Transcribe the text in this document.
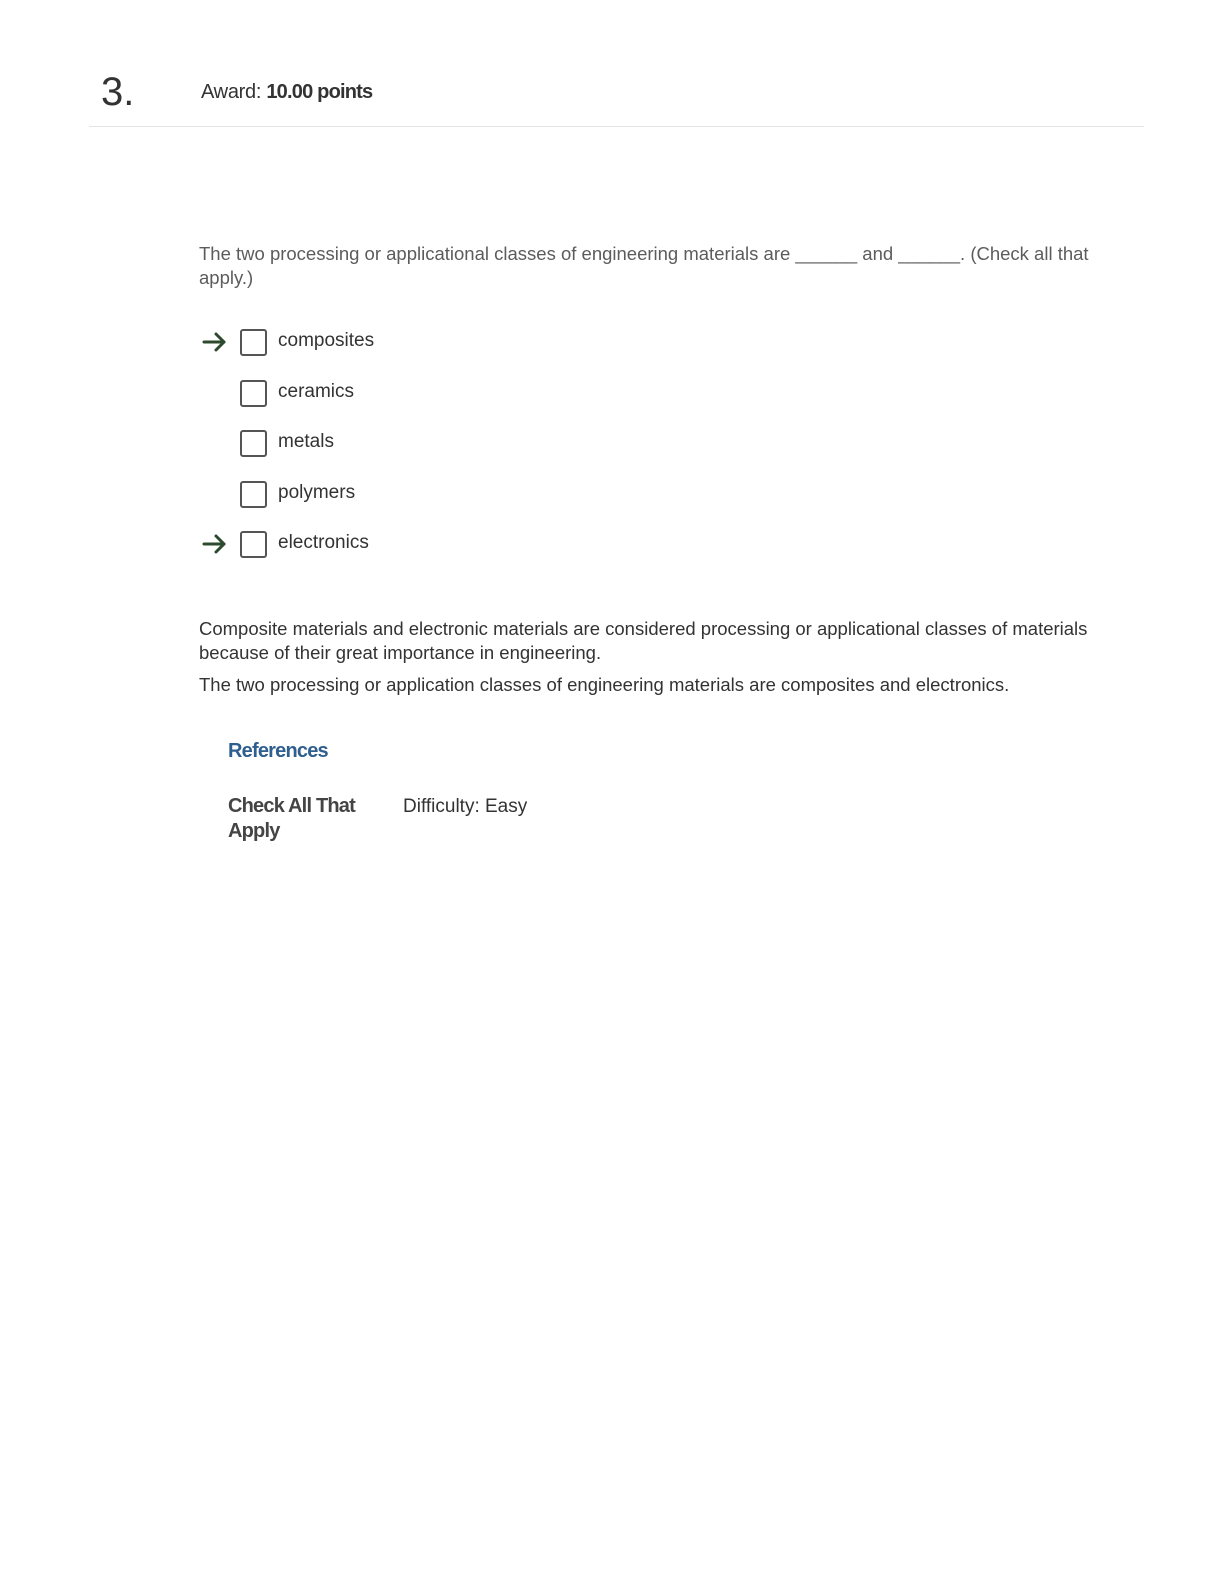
3.	Award: 10.00 points
The two processing or applicational classes of engineering materials are ______ and ______. (Check all that apply.)
composites
ceramics
metals
polymers
electronics

Composite materials and electronic materials are considered processing or applicational classes of materials because of their great importance in engineering.

The two processing or application classes of engineering materials are composites and electronics.

References
Check All That Apply
Difficulty: Easy
